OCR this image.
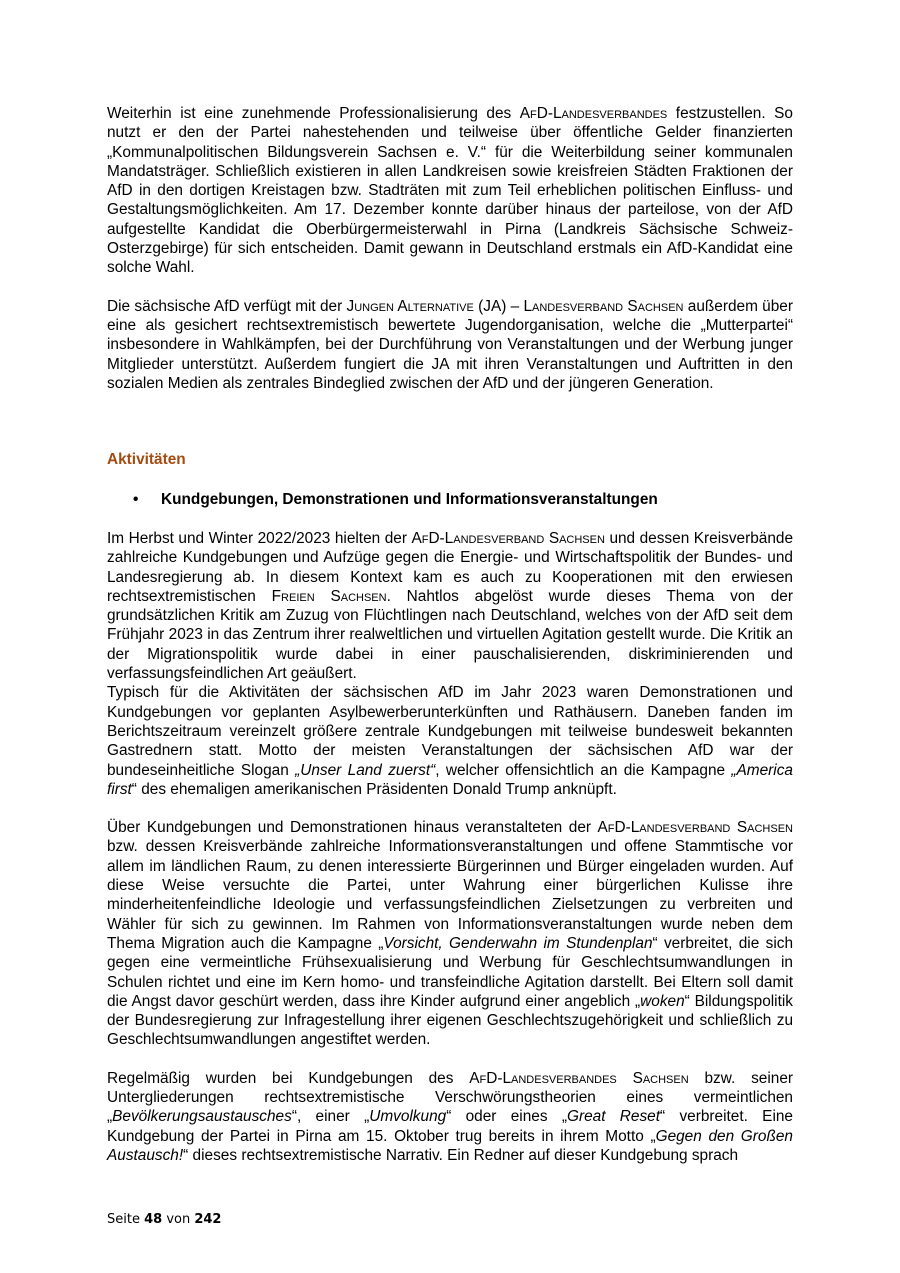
Weiterhin ist eine zunehmende Professionalisierung des AfD-Landesverbandes festzustellen. So nutzt er den der Partei nahestehenden und teilweise über öffentliche Gelder finanzierten „Kommunalpolitischen Bildungsverein Sachsen e. V.“ für die Weiterbildung seiner kommunalen Mandatsträger. Schließlich existieren in allen Landkreisen sowie kreisfreien Städten Fraktionen der AfD in den dortigen Kreistagen bzw. Stadträten mit zum Teil erheblichen politischen Einfluss- und Gestaltungsmöglichkeiten. Am 17. Dezember konnte darüber hinaus der parteilose, von der AfD aufgestellte Kandidat die Oberbürgermeisterwahl in Pirna (Landkreis Sächsische Schweiz-Osterzgebirge) für sich entscheiden. Damit gewann in Deutschland erstmals ein AfD-Kandidat eine solche Wahl.

Die sächsische AfD verfügt mit der Jungen Alternative (JA) – Landesverband Sachsen außerdem über eine als gesichert rechtsextremistisch bewertete Jugendorganisation, welche die „Mutterpartei“ insbesondere in Wahlkämpfen, bei der Durchführung von Veranstaltungen und der Werbung junger Mitglieder unterstützt. Außerdem fungiert die JA mit ihren Veranstaltungen und Auftritten in den sozialen Medien als zentrales Bindeglied zwischen der AfD und der jüngeren Generation.

Aktivitäten
• Kundgebungen, Demonstrationen und Informationsveranstaltungen

Im Herbst und Winter 2022/2023 hielten der AfD-Landesverband Sachsen und dessen Kreisverbände zahlreiche Kundgebungen und Aufzüge gegen die Energie- und Wirtschaftspolitik der Bundes- und Landesregierung ab. In diesem Kontext kam es auch zu Kooperationen mit den erwiesen rechtsextremistischen Freien Sachsen. Nahtlos abgelöst wurde dieses Thema von der grundsätzlichen Kritik am Zuzug von Flüchtlingen nach Deutschland, welches von der AfD seit dem Frühjahr 2023 in das Zentrum ihrer realweltlichen und virtuellen Agitation gestellt wurde. Die Kritik an der Migrationspolitik wurde dabei in einer pauschalisierenden, diskriminierenden und verfassungsfeindlichen Art geäußert.

Typisch für die Aktivitäten der sächsischen AfD im Jahr 2023 waren Demonstrationen und Kundgebungen vor geplanten Asylbewerberunterkünften und Rathäusern. Daneben fanden im Berichtszeitraum vereinzelt größere zentrale Kundgebungen mit teilweise bundesweit bekannten Gastrednern statt. Motto der meisten Veranstaltungen der sächsischen AfD war der bundeseinheitliche Slogan „Unser Land zuerst“, welcher offensichtlich an die Kampagne „America first“ des ehemaligen amerikanischen Präsidenten Donald Trump anknüpft.

Über Kundgebungen und Demonstrationen hinaus veranstalteten der AfD-Landesverband Sachsen bzw. dessen Kreisverbände zahlreiche Informationsveranstaltungen und offene Stammtische vor allem im ländlichen Raum, zu denen interessierte Bürgerinnen und Bürger eingeladen wurden. Auf diese Weise versuchte die Partei, unter Wahrung einer bürgerlichen Kulisse ihre minderheitenfeindliche Ideologie und verfassungsfeindlichen Zielsetzungen zu verbreiten und Wähler für sich zu gewinnen. Im Rahmen von Informationsveranstaltungen wurde neben dem Thema Migration auch die Kampagne „Vorsicht, Genderwahn im Stundenplan“ verbreitet, die sich gegen eine vermeintliche Frühsexualisierung und Werbung für Geschlechtsumwandlungen in Schulen richtet und eine im Kern homo- und transfeindliche Agitation darstellt. Bei Eltern soll damit die Angst davor geschürt werden, dass ihre Kinder aufgrund einer angeblich „woken“ Bildungspolitik der Bundesregierung zur Infragestellung ihrer eigenen Geschlechtszugehörigkeit und schließlich zu Geschlechtsumwandlungen angestiftet werden.

Regelmäßig wurden bei Kundgebungen des AfD-Landesverbandes Sachsen bzw. seiner Untergliederungen rechtsextremistische Verschwörungstheorien eines vermeintlichen „Bevölkerungsaustausches“, einer „Umvolkung“ oder eines „Great Reset“ verbreitet. Eine Kundgebung der Partei in Pirna am 15. Oktober trug bereits in ihrem Motto „Gegen den Großen Austausch!“ dieses rechtsextremistische Narrativ. Ein Redner auf dieser Kundgebung sprach

Seite 48 von 242
